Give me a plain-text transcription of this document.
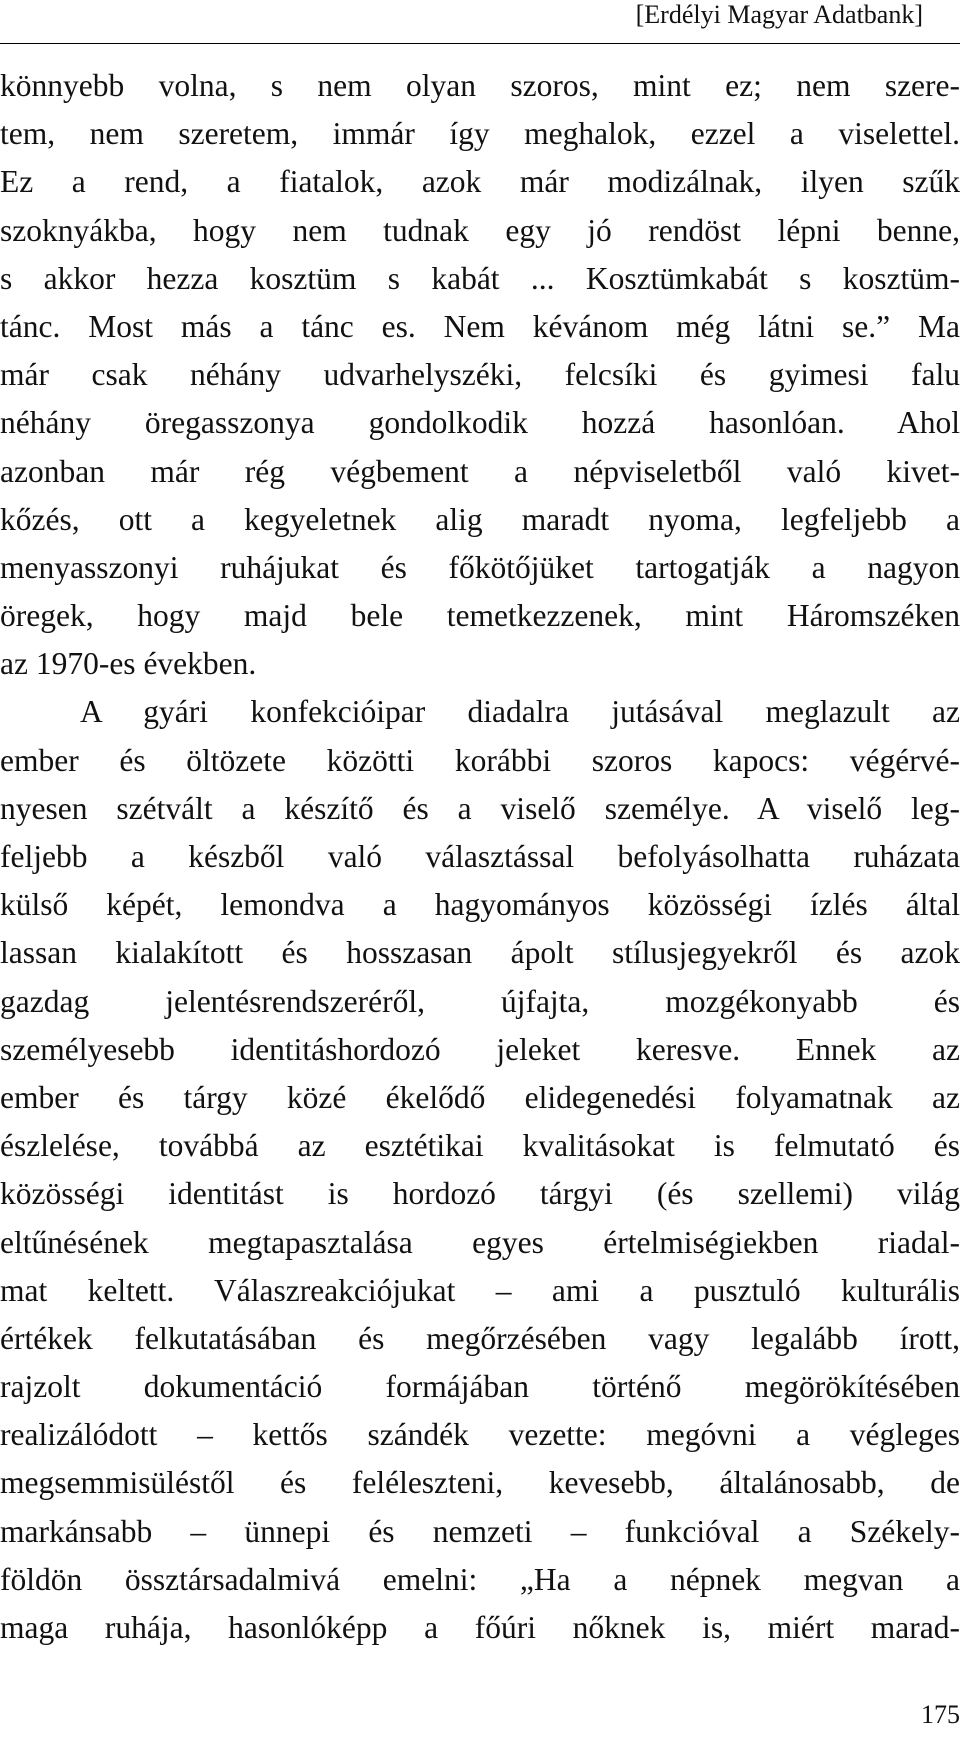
[Erdélyi Magyar Adatbank]
könnyebb volna, s nem olyan szoros, mint ez; nem szere-
tem, nem szeretem, immár így meghalok, ezzel a viselettel.
Ez a rend, a fiatalok, azok már modizálnak, ilyen szűk
szoknyákba, hogy nem tudnak egy jó rendöst lépni benne,
s akkor hezza kosztüm s kabát ... Kosztümkabát s kosztüm-
tánc. Most más a tánc es. Nem kévánom még látni se.” Ma
már csak néhány udvarhelyszéki, felcsíki és gyimesi falu
néhány öregasszonya gondolkodik hozzá hasonlóan. Ahol
azonban már rég végbement a népviseletből való kivet-
kőzés, ott a kegyeletnek alig maradt nyoma, legfeljebb a
menyasszonyi ruhájukat és főkötőjüket tartogatják a nagyon
öregek, hogy majd bele temetkezzenek, mint Háromszéken
az 1970-es években.
A gyári konfekcióipar diadalra jutásával meglazult az
ember és öltözete közötti korábbi szoros kapocs: végérvé-
nyesen szétvált a készítő és a viselő személye. A viselő leg-
feljebb a készből való választással befolyásolhatta ruházata
külső képét, lemondva a hagyományos közösségi ízlés által
lassan kialakított és hosszasan ápolt stílusjegyekről és azok
gazdag jelentésrendszeréről, újfajta, mozgékonyabb és
személyesebb identitáshordozó jeleket keresve. Ennek az
ember és tárgy közé ékelődő elidegenedési folyamatnak az
észlelése, továbbá az esztétikai kvalitásokat is felmutató és
közösségi identitást is hordozó tárgyi (és szellemi) világ
eltűnésének megtapasztalása egyes értelmiségiekben riadal-
mat keltett. Válaszreakciójukat – ami a pusztuló kulturális
értékek felkutatásában és megőrzésében vagy legalább írott,
rajzolt dokumentáció formájában történő megörökítésében
realizálódott – kettős szándék vezette: megóvni a végleges
megsemmisüléstől és feléleszteni, kevesebb, általánosabb, de
markánsabb – ünnepi és nemzeti – funkcióval a Székely-
földön össztársadalmivá emelni: „Ha a népnek megvan a
maga ruhája, hasonlóképp a főúri nőknek is, miért marad-
175
